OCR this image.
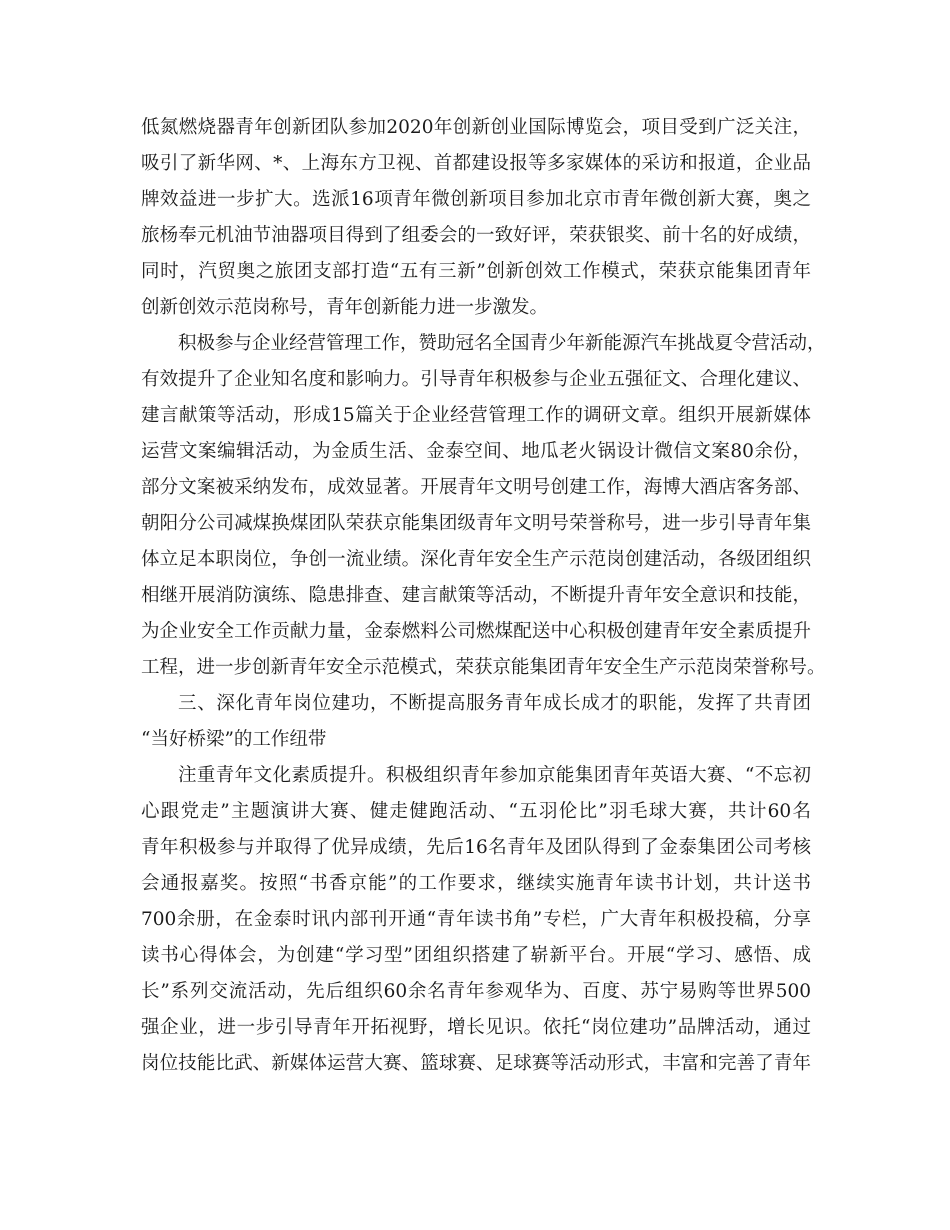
低氮燃烧器青年创新团队参加2020年创新创业国际博览会，项目受到广泛关注，
吸引了新华网、*、上海东方卫视、首都建设报等多家媒体的采访和报道，企业品
牌效益进一步扩大。选派16项青年微创新项目参加北京市青年微创新大赛，奥之
旅杨奉元机油节油器项目得到了组委会的一致好评，荣获银奖、前十名的好成绩，
同时，汽贸奥之旅团支部打造“五有三新”创新创效工作模式，荣获京能集团青年
创新创效示范岗称号，青年创新能力进一步激发。
积极参与企业经营管理工作，赞助冠名全国青少年新能源汽车挑战夏令营活动，
有效提升了企业知名度和影响力。引导青年积极参与企业五强征文、合理化建议、
建言献策等活动，形成15篇关于企业经营管理工作的调研文章。组织开展新媒体
运营文案编辑活动，为金质生活、金泰空间、地瓜老火锅设计微信文案80余份，
部分文案被采纳发布，成效显著。开展青年文明号创建工作，海博大酒店客务部、
朝阳分公司减煤换煤团队荣获京能集团级青年文明号荣誉称号，进一步引导青年集
体立足本职岗位，争创一流业绩。深化青年安全生产示范岗创建活动，各级团组织
相继开展消防演练、隐患排查、建言献策等活动，不断提升青年安全意识和技能，
为企业安全工作贡献力量，金泰燃料公司燃煤配送中心积极创建青年安全素质提升
工程，进一步创新青年安全示范模式，荣获京能集团青年安全生产示范岗荣誉称号。
三、深化青年岗位建功，不断提高服务青年成长成才的职能，发挥了共青团
“当好桥梁”的工作纽带
注重青年文化素质提升。积极组织青年参加京能集团青年英语大赛、“不忘初
心跟党走”主题演讲大赛、健走健跑活动、“五羽伦比”羽毛球大赛，共计60名
青年积极参与并取得了优异成绩，先后16名青年及团队得到了金泰集团公司考核
会通报嘉奖。按照“书香京能”的工作要求，继续实施青年读书计划，共计送书
700余册，在金泰时讯内部刊开通“青年读书角”专栏，广大青年积极投稿，分享
读书心得体会，为创建“学习型”团组织搭建了崭新平台。开展“学习、感悟、成
长”系列交流活动，先后组织60余名青年参观华为、百度、苏宁易购等世界500
强企业，进一步引导青年开拓视野，增长见识。依托“岗位建功”品牌活动，通过
岗位技能比武、新媒体运营大赛、篮球赛、足球赛等活动形式，丰富和完善了青年
